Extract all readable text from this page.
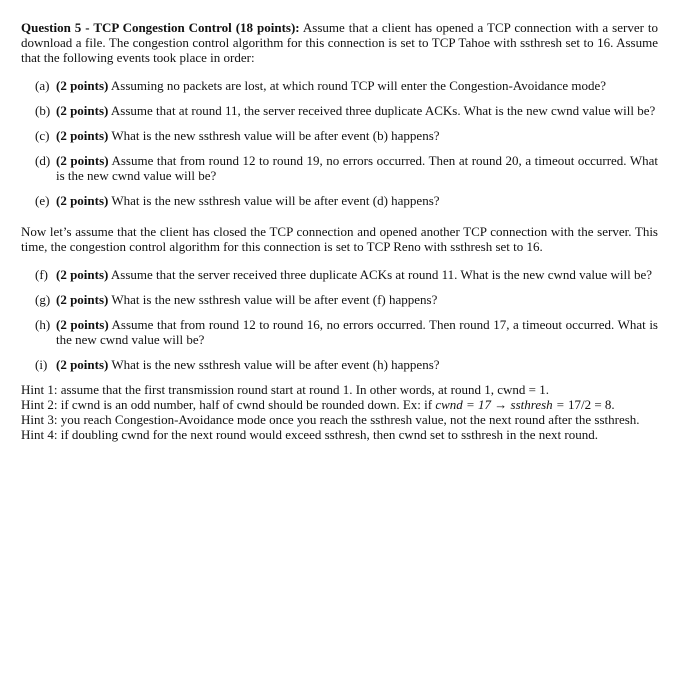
Question 5 - TCP Congestion Control (18 points): Assume that a client has opened a TCP connection with a server to download a file. The congestion control algorithm for this connection is set to TCP Tahoe with ssthresh set to 16. Assume that the following events took place in order:

(a) (2 points) Assuming no packets are lost, at which round TCP will enter the Congestion-Avoidance mode?

(b) (2 points) Assume that at round 11, the server received three duplicate ACKs. What is the new cwnd value will be?

(c) (2 points) What is the new ssthresh value will be after event (b) happens?

(d) (2 points) Assume that from round 12 to round 19, no errors occurred. Then at round 20, a timeout occurred. What is the new cwnd value will be?

(e) (2 points) What is the new ssthresh value will be after event (d) happens?

Now let’s assume that the client has closed the TCP connection and opened another TCP connection with the server. This time, the congestion control algorithm for this connection is set to TCP Reno with ssthresh set to 16.

(f) (2 points) Assume that the server received three duplicate ACKs at round 11. What is the new cwnd value will be?

(g) (2 points) What is the new ssthresh value will be after event (f) happens?

(h) (2 points) Assume that from round 12 to round 16, no errors occurred. Then round 17, a timeout occurred. What is the new cwnd value will be?

(i) (2 points) What is the new ssthresh value will be after event (h) happens?

Hint 1: assume that the first transmission round start at round 1. In other words, at round 1, cwnd = 1.

Hint 2: if cwnd is an odd number, half of cwnd should be rounded down. Ex: if cwnd = 17 → ssthresh = 17/2 = 8.

Hint 3: you reach Congestion-Avoidance mode once you reach the ssthresh value, not the next round after the ssthresh.

Hint 4: if doubling cwnd for the next round would exceed ssthresh, then cwnd set to ssthresh in the next round.
